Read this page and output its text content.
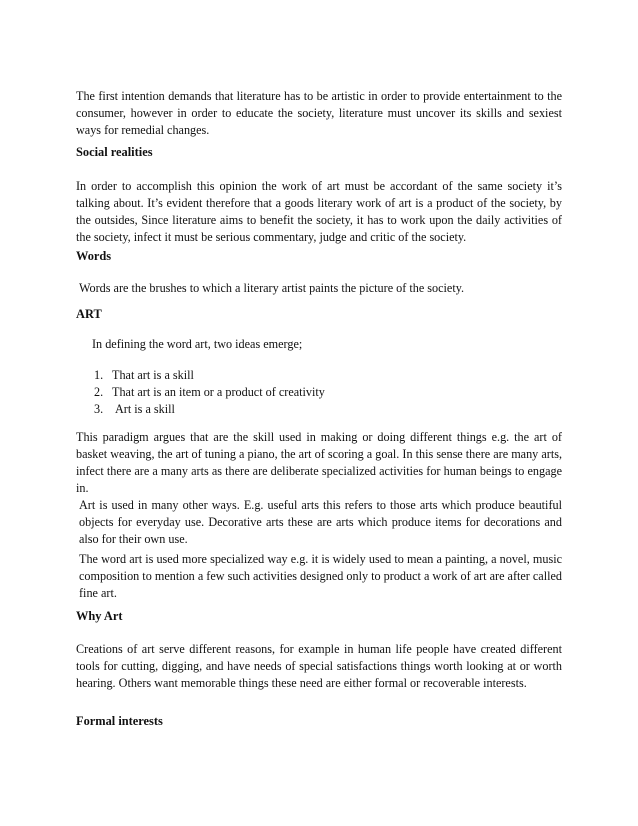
The first intention demands that literature has to be artistic in order to provide entertainment to the consumer, however in order to educate the society, literature must uncover its skills and sexiest ways for remedial changes.

Social realities

In order to accomplish this opinion the work of art must be accordant of the same society it’s talking about. It’s evident therefore that a goods literary work of art is a product of the society, by the outsides, Since literature aims to benefit the society, it has to work upon the daily activities of the society, infect it must be serious commentary, judge and critic of the society.

Words

Words are the brushes to which a literary artist paints the picture of the society.

ART

In defining the word art, two ideas emerge;

1. That art is a skill
2. That art is an item or a product of creativity
3. Art is a skill

This paradigm argues that are the skill used in making or doing different things e.g. the art of basket weaving, the art of tuning a piano, the art of scoring a goal. In this sense there are many arts, infect there are a many arts as there are deliberate specialized activities for human beings to engage in.

Art is used in many other ways. E.g. useful arts this refers to those arts which produce beautiful objects for everyday use. Decorative arts these are arts which produce items for decorations and also for their own use.

The word art is used more specialized way e.g. it is widely used to mean a painting, a novel, music composition to mention a few such activities designed only to product a work of art are after called fine art.

Why Art

Creations of art serve different reasons, for example in human life people have created different tools for cutting, digging, and have needs of special satisfactions things worth looking at or worth hearing. Others want memorable things these need are either formal or recoverable interests.

Formal interests
